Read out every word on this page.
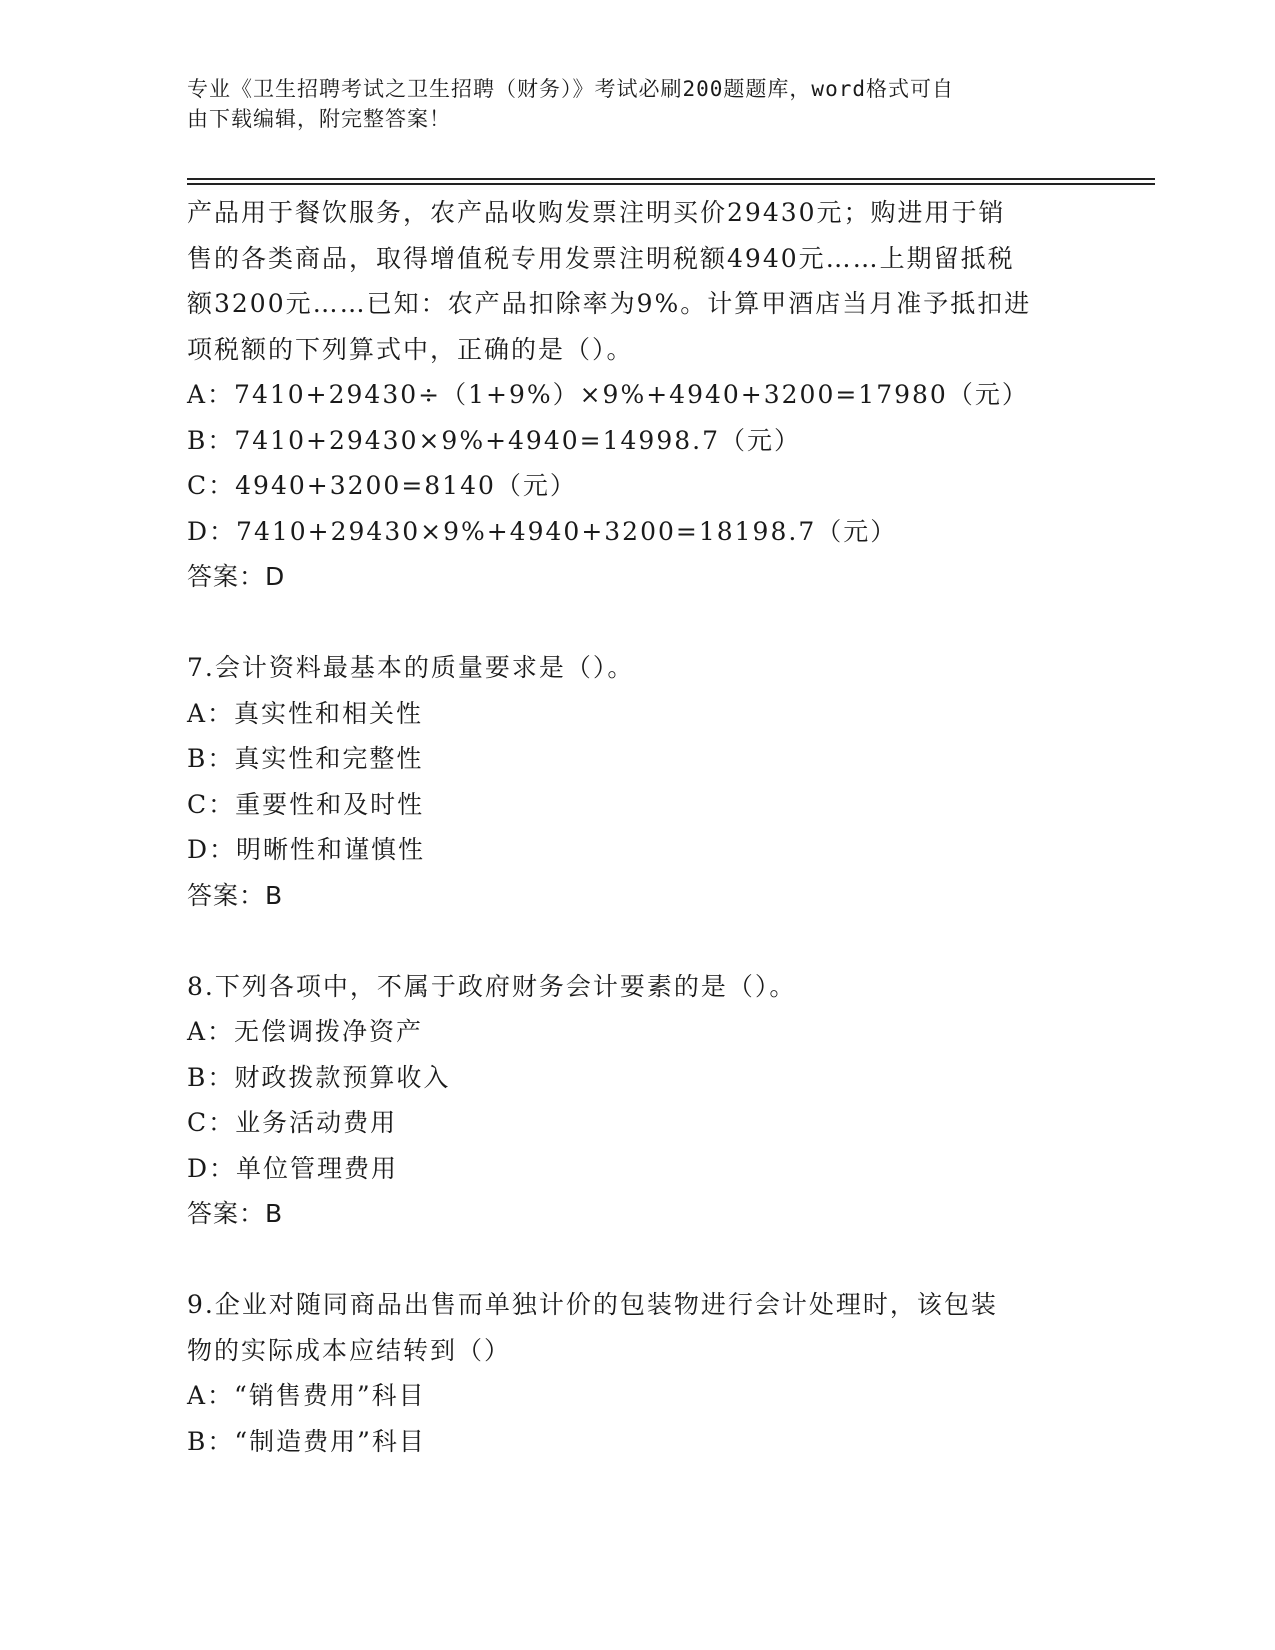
专业《卫生招聘考试之卫生招聘（财务）》考试必刷200题题库，word格式可自
由下载编辑，附完整答案！
产品用于餐饮服务，农产品收购发票注明买价29430元；购进用于销
售的各类商品，取得增值税专用发票注明税额4940元……上期留抵税
额3200元……已知：农产品扣除率为9%。计算甲酒店当月准予抵扣进
项税额的下列算式中，正确的是（）。
A：7410+29430÷（1+9%）×9%+4940+3200=17980（元）
B：7410+29430×9%+4940=14998.7（元）
C：4940+3200=8140（元）
D：7410+29430×9%+4940+3200=18198.7（元）
答案：D
7.会计资料最基本的质量要求是（）。
A：真实性和相关性
B：真实性和完整性
C：重要性和及时性
D：明晰性和谨慎性
答案：B
8.下列各项中，不属于政府财务会计要素的是（）。
A：无偿调拨净资产
B：财政拨款预算收入
C：业务活动费用
D：单位管理费用
答案：B
9.企业对随同商品出售而单独计价的包装物进行会计处理时，该包装
物的实际成本应结转到（）
A：“销售费用”科目
B：“制造费用”科目
